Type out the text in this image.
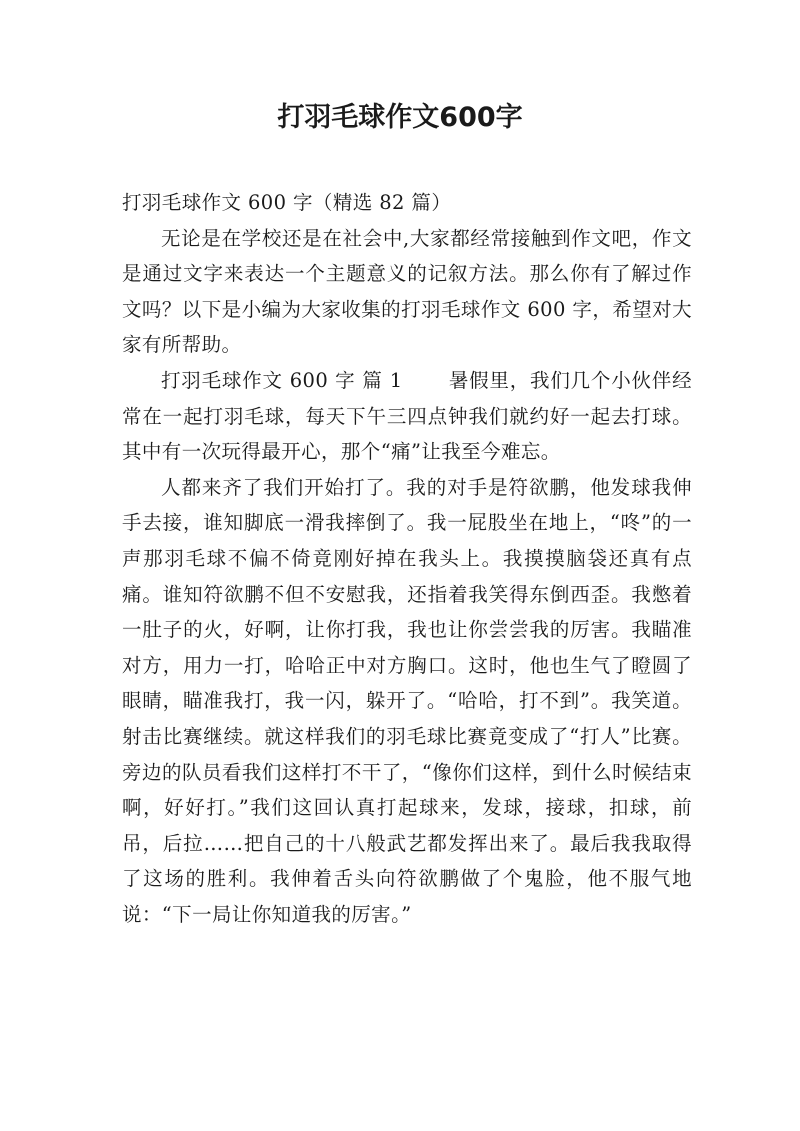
打羽毛球作文600字

打羽毛球作文 600 字（精选 82 篇）

无论是在学校还是在社会中,大家都经常接触到作文吧，作文是通过文字来表达一个主题意义的记叙方法。那么你有了解过作文吗？以下是小编为大家收集的打羽毛球作文 600 字，希望对大家有所帮助。

打羽毛球作文 600 字 篇 1 暑假里，我们几个小伙伴经常在一起打羽毛球，每天下午三四点钟我们就约好一起去打球。其中有一次玩得最开心，那个“痛”让我至今难忘。

人都来齐了我们开始打了。我的对手是符欲鹏，他发球我伸手去接，谁知脚底一滑我摔倒了。我一屁股坐在地上，“咚”的一声那羽毛球不偏不倚竟刚好掉在我头上。我摸摸脑袋还真有点痛。谁知符欲鹏不但不安慰我，还指着我笑得东倒西歪。我憋着一肚子的火，好啊，让你打我，我也让你尝尝我的厉害。我瞄准对方，用力一打，哈哈正中对方胸口。这时，他也生气了瞪圆了眼睛，瞄准我打，我一闪，躲开了。“哈哈，打不到”。我笑道。射击比赛继续。就这样我们的羽毛球比赛竟变成了“打人”比赛。旁边的队员看我们这样打不干了，“像你们这样，到什么时候结束啊，好好打。”我们这回认真打起球来，发球，接球，扣球，前吊，后拉……把自己的十八般武艺都发挥出来了。最后我我取得了这场的胜利。我伸着舌头向符欲鹏做了个鬼脸，他不服气地说：“下一局让你知道我的厉害。”
